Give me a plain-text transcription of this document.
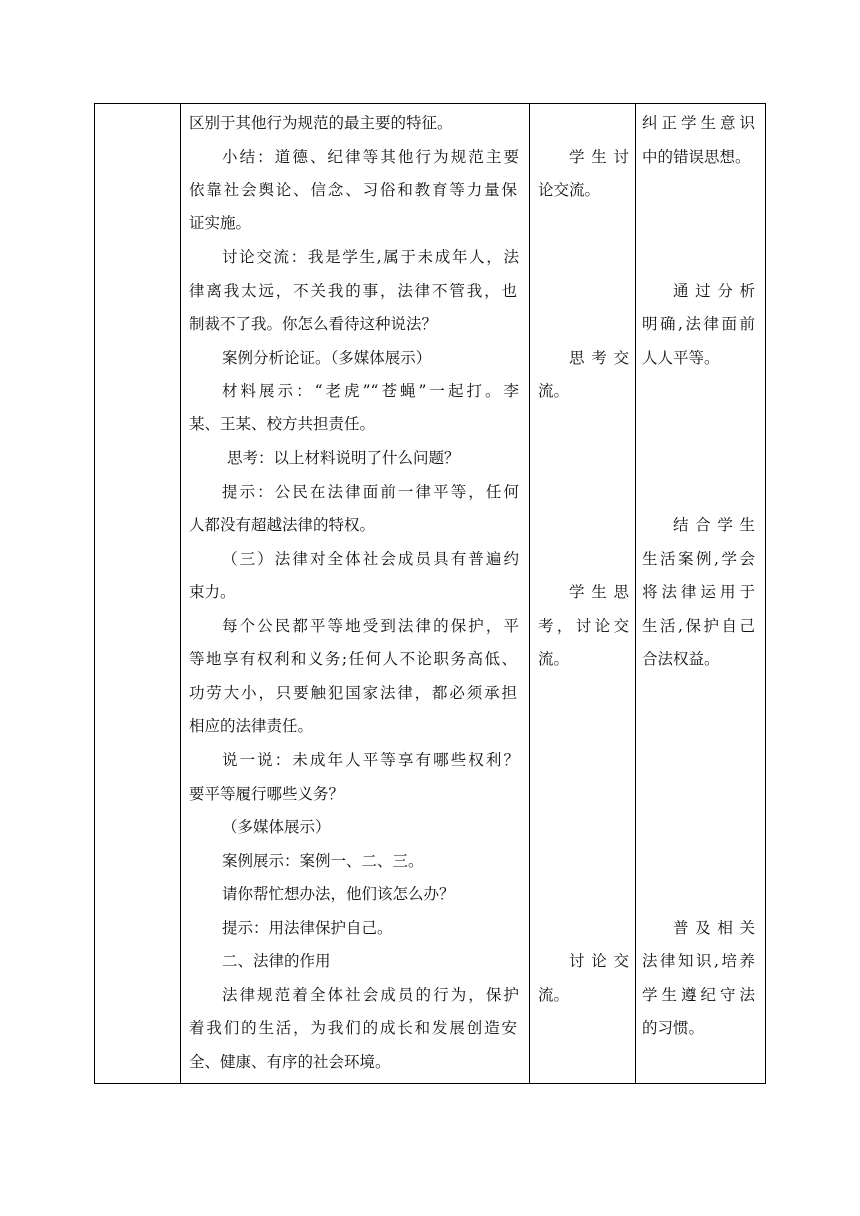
区别于其他行为规范的最主要的特征。
小结：道德、纪律等其他行为规范主要
依靠社会舆论、信念、习俗和教育等力量保
证实施。
讨论交流：我是学生,属于未成年人，法
律离我太远，不关我的事，法律不管我，也
制裁不了我。你怎么看待这种说法？
案例分析论证。（多媒体展示）
材料展示：“老虎”“苍蝇”一起打。李
某、王某、校方共担责任。
思考：以上材料说明了什么问题？
提示：公民在法律面前一律平等，任何
人都没有超越法律的特权。
（三）法律对全体社会成员具有普遍约
束力。
每个公民都平等地受到法律的保护，平
等地享有权利和义务;任何人不论职务高低、
功劳大小，只要触犯国家法律，都必须承担
相应的法律责任。
说一说：未成年人平等享有哪些权利？
要平等履行哪些义务？
（多媒体展示）
案例展示：案例一、二、三。
请你帮忙想办法，他们该怎么办？
提示：用法律保护自己。
二、法律的作用
法律规范着全体社会成员的行为，保护
着我们的生活，为我们的成长和发展创造安
全、健康、有序的社会环境。
学生讨
论交流。
思考交
流。
学生思
考，讨论交
流。
讨论交
流。
纠正学生意识
中的错误思想。
通过分析
明确,法律面前
人人平等。
结合学生
生活案例,学会
将法律运用于
生活,保护自己
合法权益。
普及相关
法律知识,培养
学生遵纪守法
的习惯。
